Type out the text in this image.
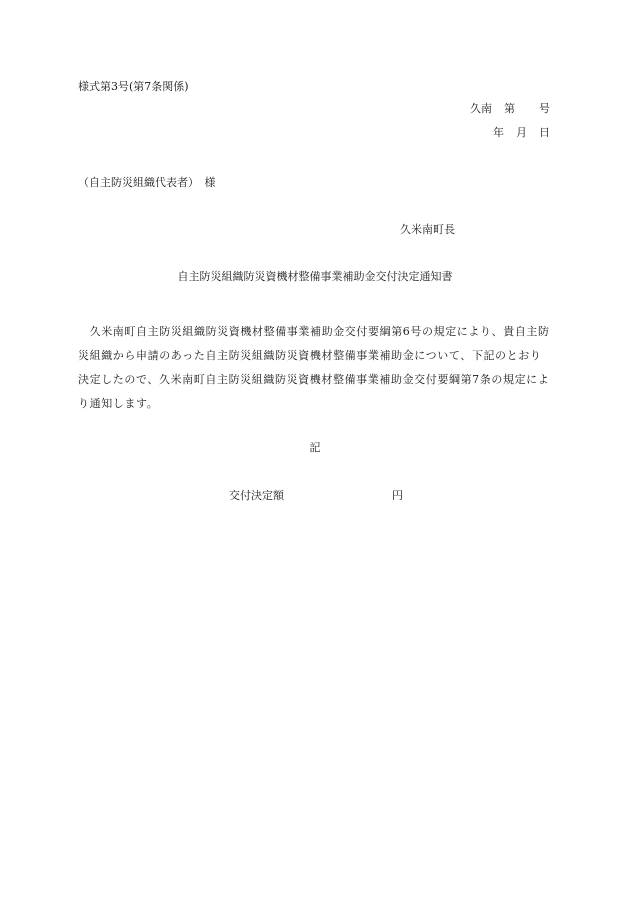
様式第3号(第7条関係)
久南 第 号
年 月 日
（自主防災組織代表者）　様
久米南町長
自主防災組織防災資機材整備事業補助金交付決定通知書
　久米南町自主防災組織防災資機材整備事業補助金交付要綱第6号の規定により、貴自主防
災組織から申請のあった自主防災組織防災資機材整備事業補助金について、下記のとおり
決定したので、久米南町自主防災組織防災資機材整備事業補助金交付要綱第7条の規定によ
り通知します。
記
交付決定額	円
